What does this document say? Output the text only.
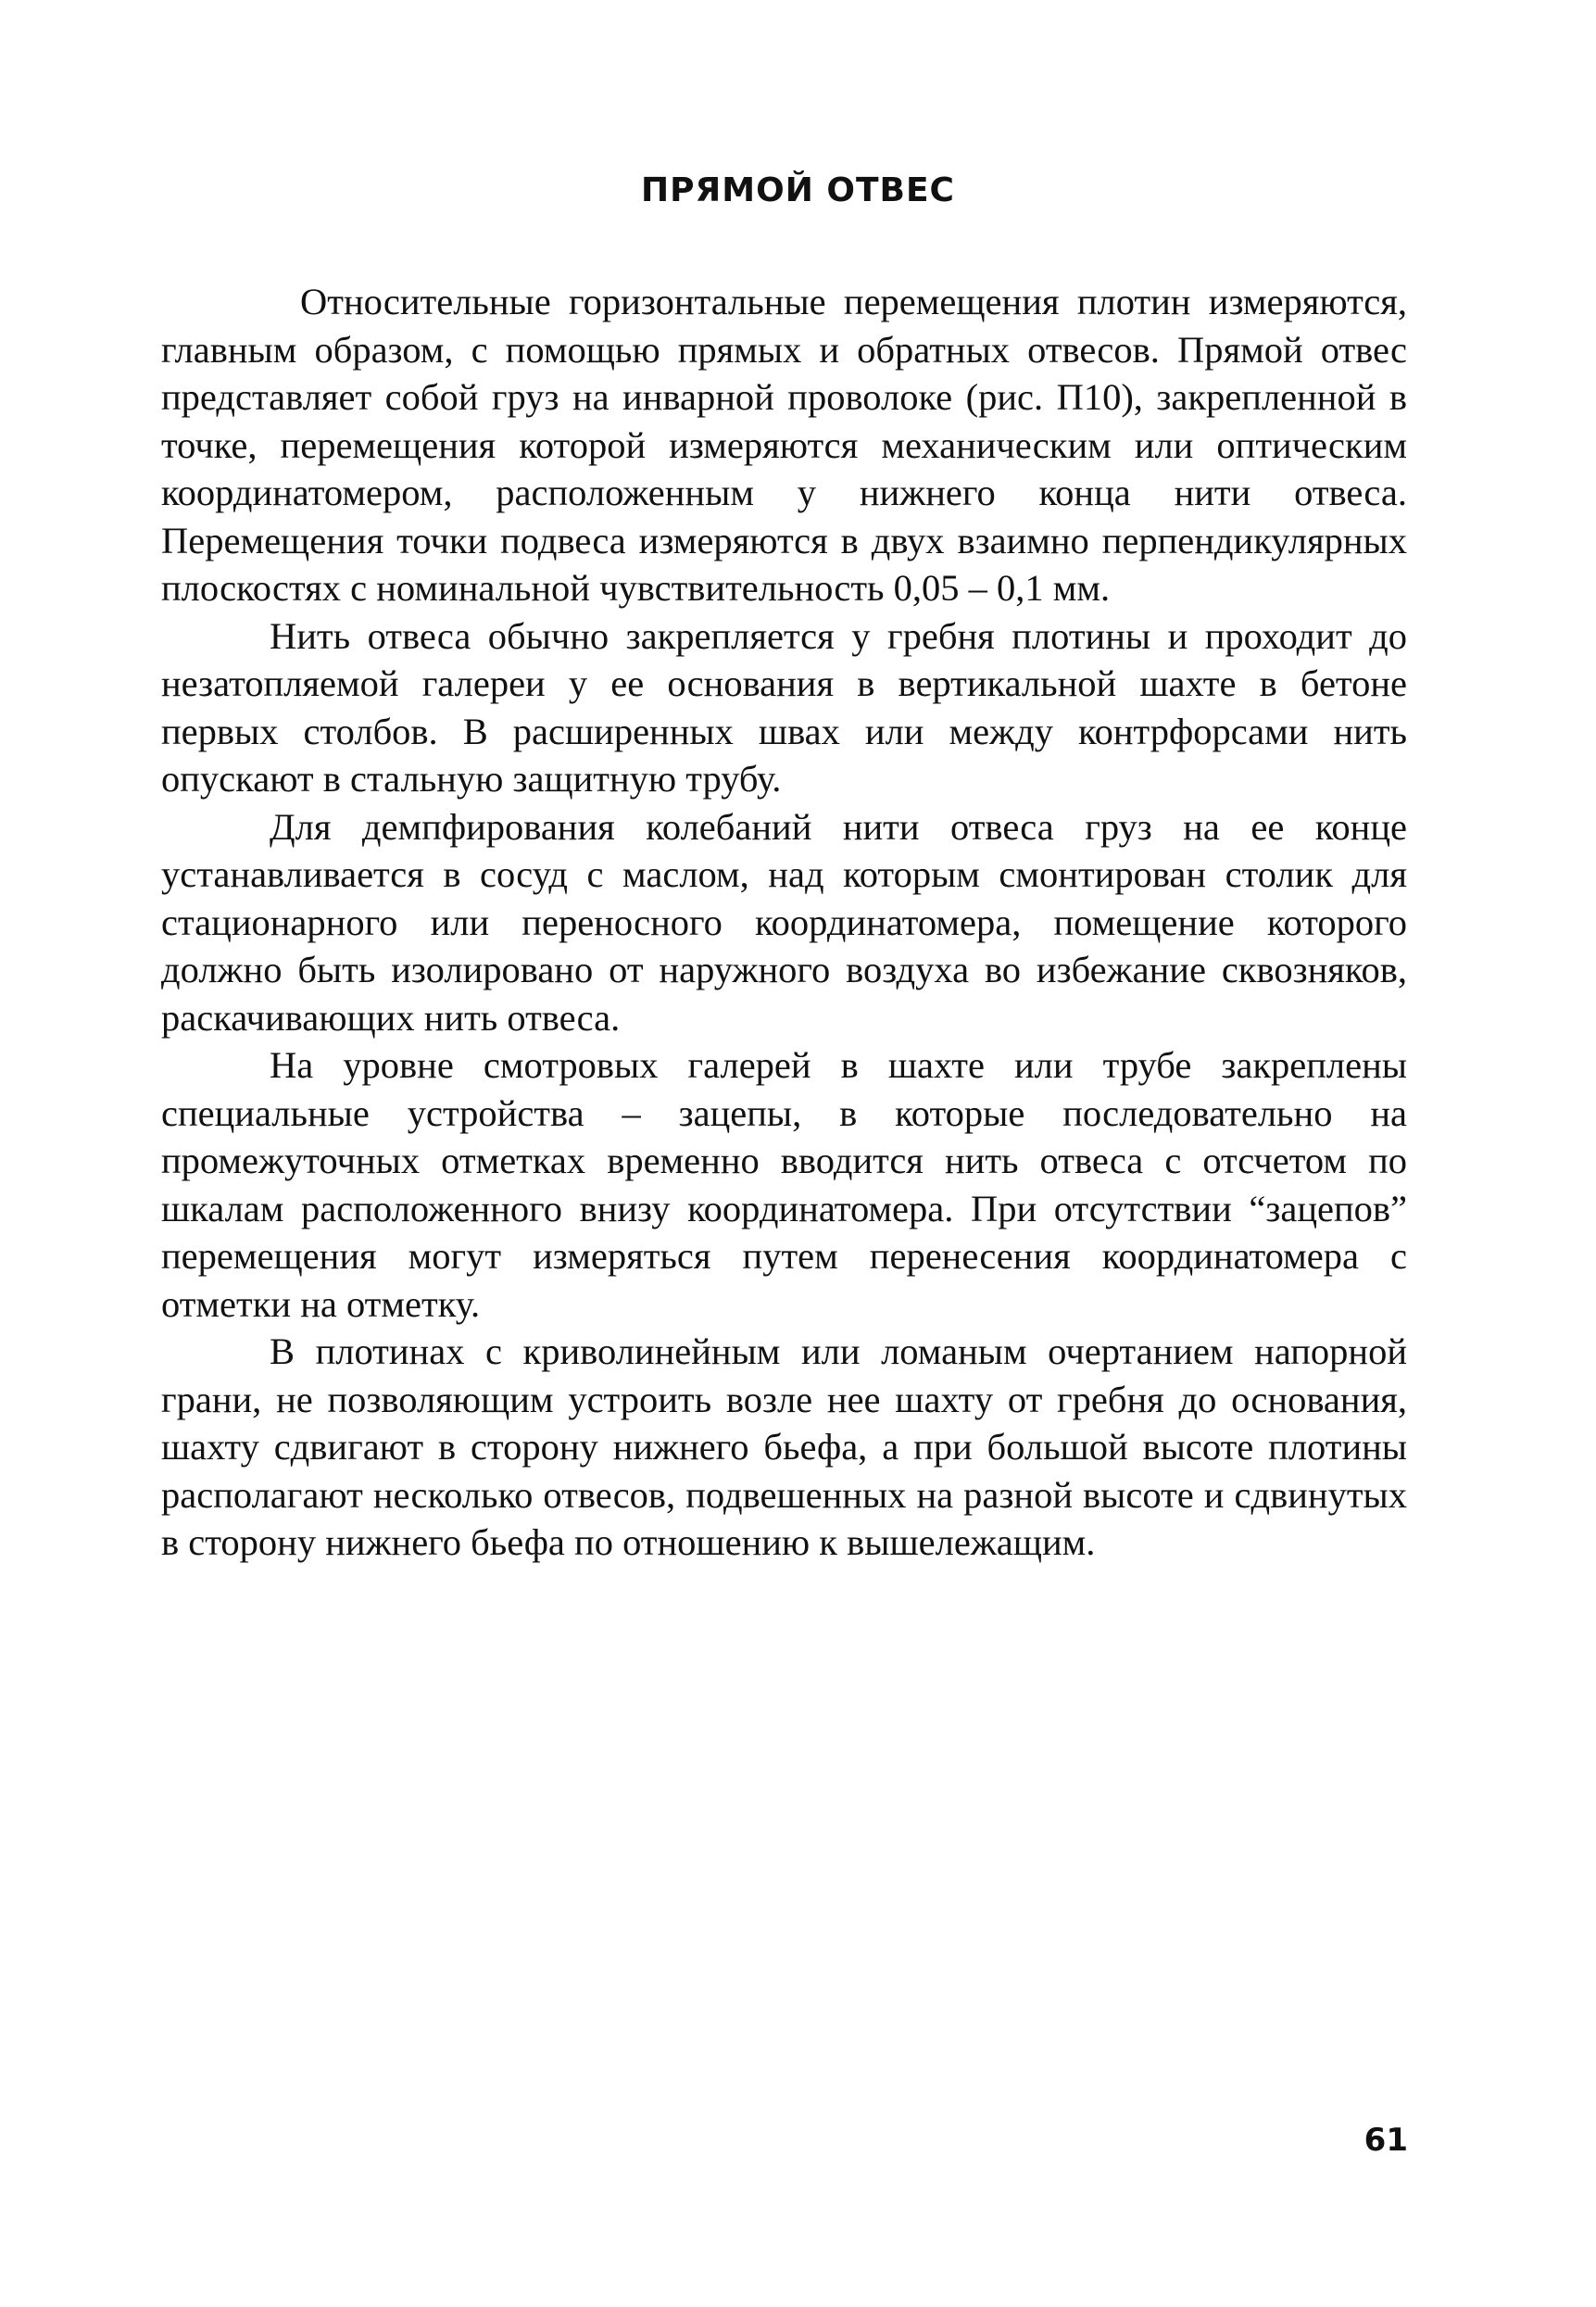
ПРЯМОЙ ОТВЕС

Относительные горизонтальные перемещения плотин измеряются, главным образом, с помощью прямых и обратных отвесов. Прямой отвес представляет собой груз на инварной проволоке (рис. П10), закрепленной в точке, перемещения которой измеряются механическим или оптическим координатомером, расположенным у нижнего конца нити отвеса. Перемещения точки подвеса измеряются в двух взаимно перпендикулярных плоскостях с номинальной чувствительность 0,05 – 0,1 мм.

Нить отвеса обычно закрепляется у гребня плотины и проходит до незатопляемой галереи у ее основания в вертикальной шахте в бетоне первых столбов. В расширенных швах или между контрфорсами нить опускают в стальную защитную трубу.

Для демпфирования колебаний нити отвеса груз на ее конце устанавливается в сосуд с маслом, над которым смонтирован столик для стационарного или переносного координатомера, помещение которого должно быть изолировано от наружного воздуха во избежание сквозняков, раскачивающих нить отвеса.

На уровне смотровых галерей в шахте или трубе закреплены специальные устройства – зацепы, в которые последовательно на промежуточных отметках временно вводится нить отвеса с отсчетом по шкалам расположенного внизу координатомера. При отсутствии “зацепов” перемещения могут измеряться путем перенесения координатомера с отметки на отметку.

В плотинах с криволинейным или ломаным очертанием напорной грани, не позволяющим устроить возле нее шахту от гребня до основания, шахту сдвигают в сторону нижнего бьефа, а при большой высоте плотины располагают несколько отвесов, подвешенных на разной высоте и сдвинутых в сторону нижнего бьефа по отношению к вышележащим.

61
